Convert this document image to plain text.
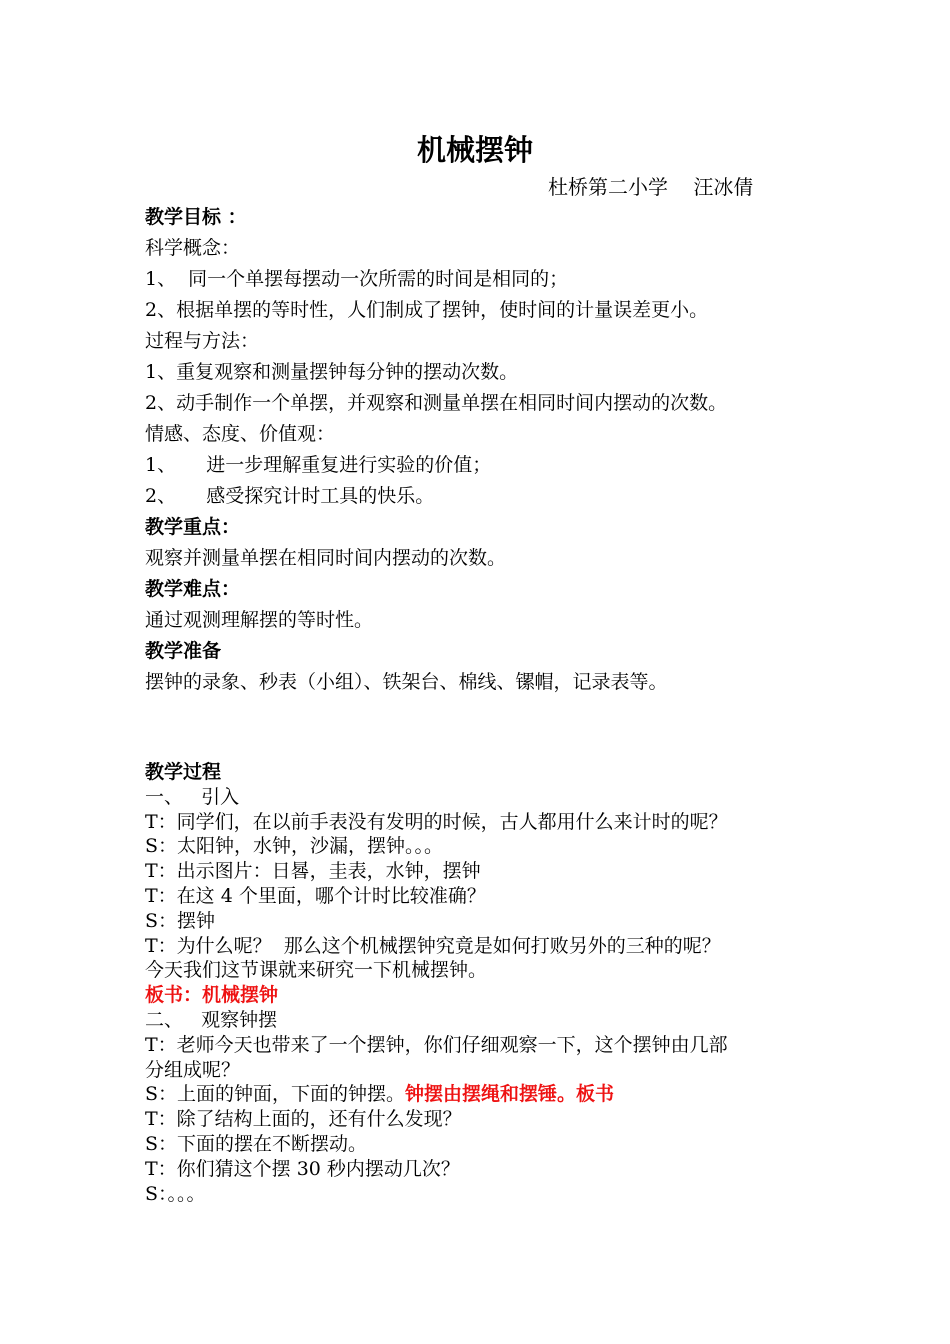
机械摆钟
杜桥第二小学    汪冰倩
教学目标 ：
科学概念：
1、  同一个单摆每摆动一次所需的时间是相同的；
2、根据单摆的等时性，人们制成了摆钟，使时间的计量误差更小。
过程与方法：
1、重复观察和测量摆钟每分钟的摆动次数。
2、动手制作一个单摆，并观察和测量单摆在相同时间内摆动的次数。
情感、态度、价值观：
1、     进一步理解重复进行实验的价值；
2、     感受探究计时工具的快乐。
教学重点：
观察并测量单摆在相同时间内摆动的次数。
教学难点：
通过观测理解摆的等时性。
教学准备
摆钟的录象、秒表（小组）、铁架台、棉线、镙帽，记录表等。
教学过程
一、   引入
T：同学们，在以前手表没有发明的时候，古人都用什么来计时的呢？
S：太阳钟，水钟，沙漏，摆钟。。。
T：出示图片：日晷，圭表，水钟，摆钟
T：在这 4 个里面，哪个计时比较准确？
S：摆钟
T：为什么呢？  那么这个机械摆钟究竟是如何打败另外的三种的呢？
今天我们这节课就来研究一下机械摆钟。
板书：机械摆钟
二、   观察钟摆
T：老师今天也带来了一个摆钟，你们仔细观察一下，这个摆钟由几部
分组成呢？
S：上面的钟面，下面的钟摆。钟摆由摆绳和摆锤。板书
T：除了结构上面的，还有什么发现？
S：下面的摆在不断摆动。
T：你们猜这个摆 30 秒内摆动几次？
S：。。。
